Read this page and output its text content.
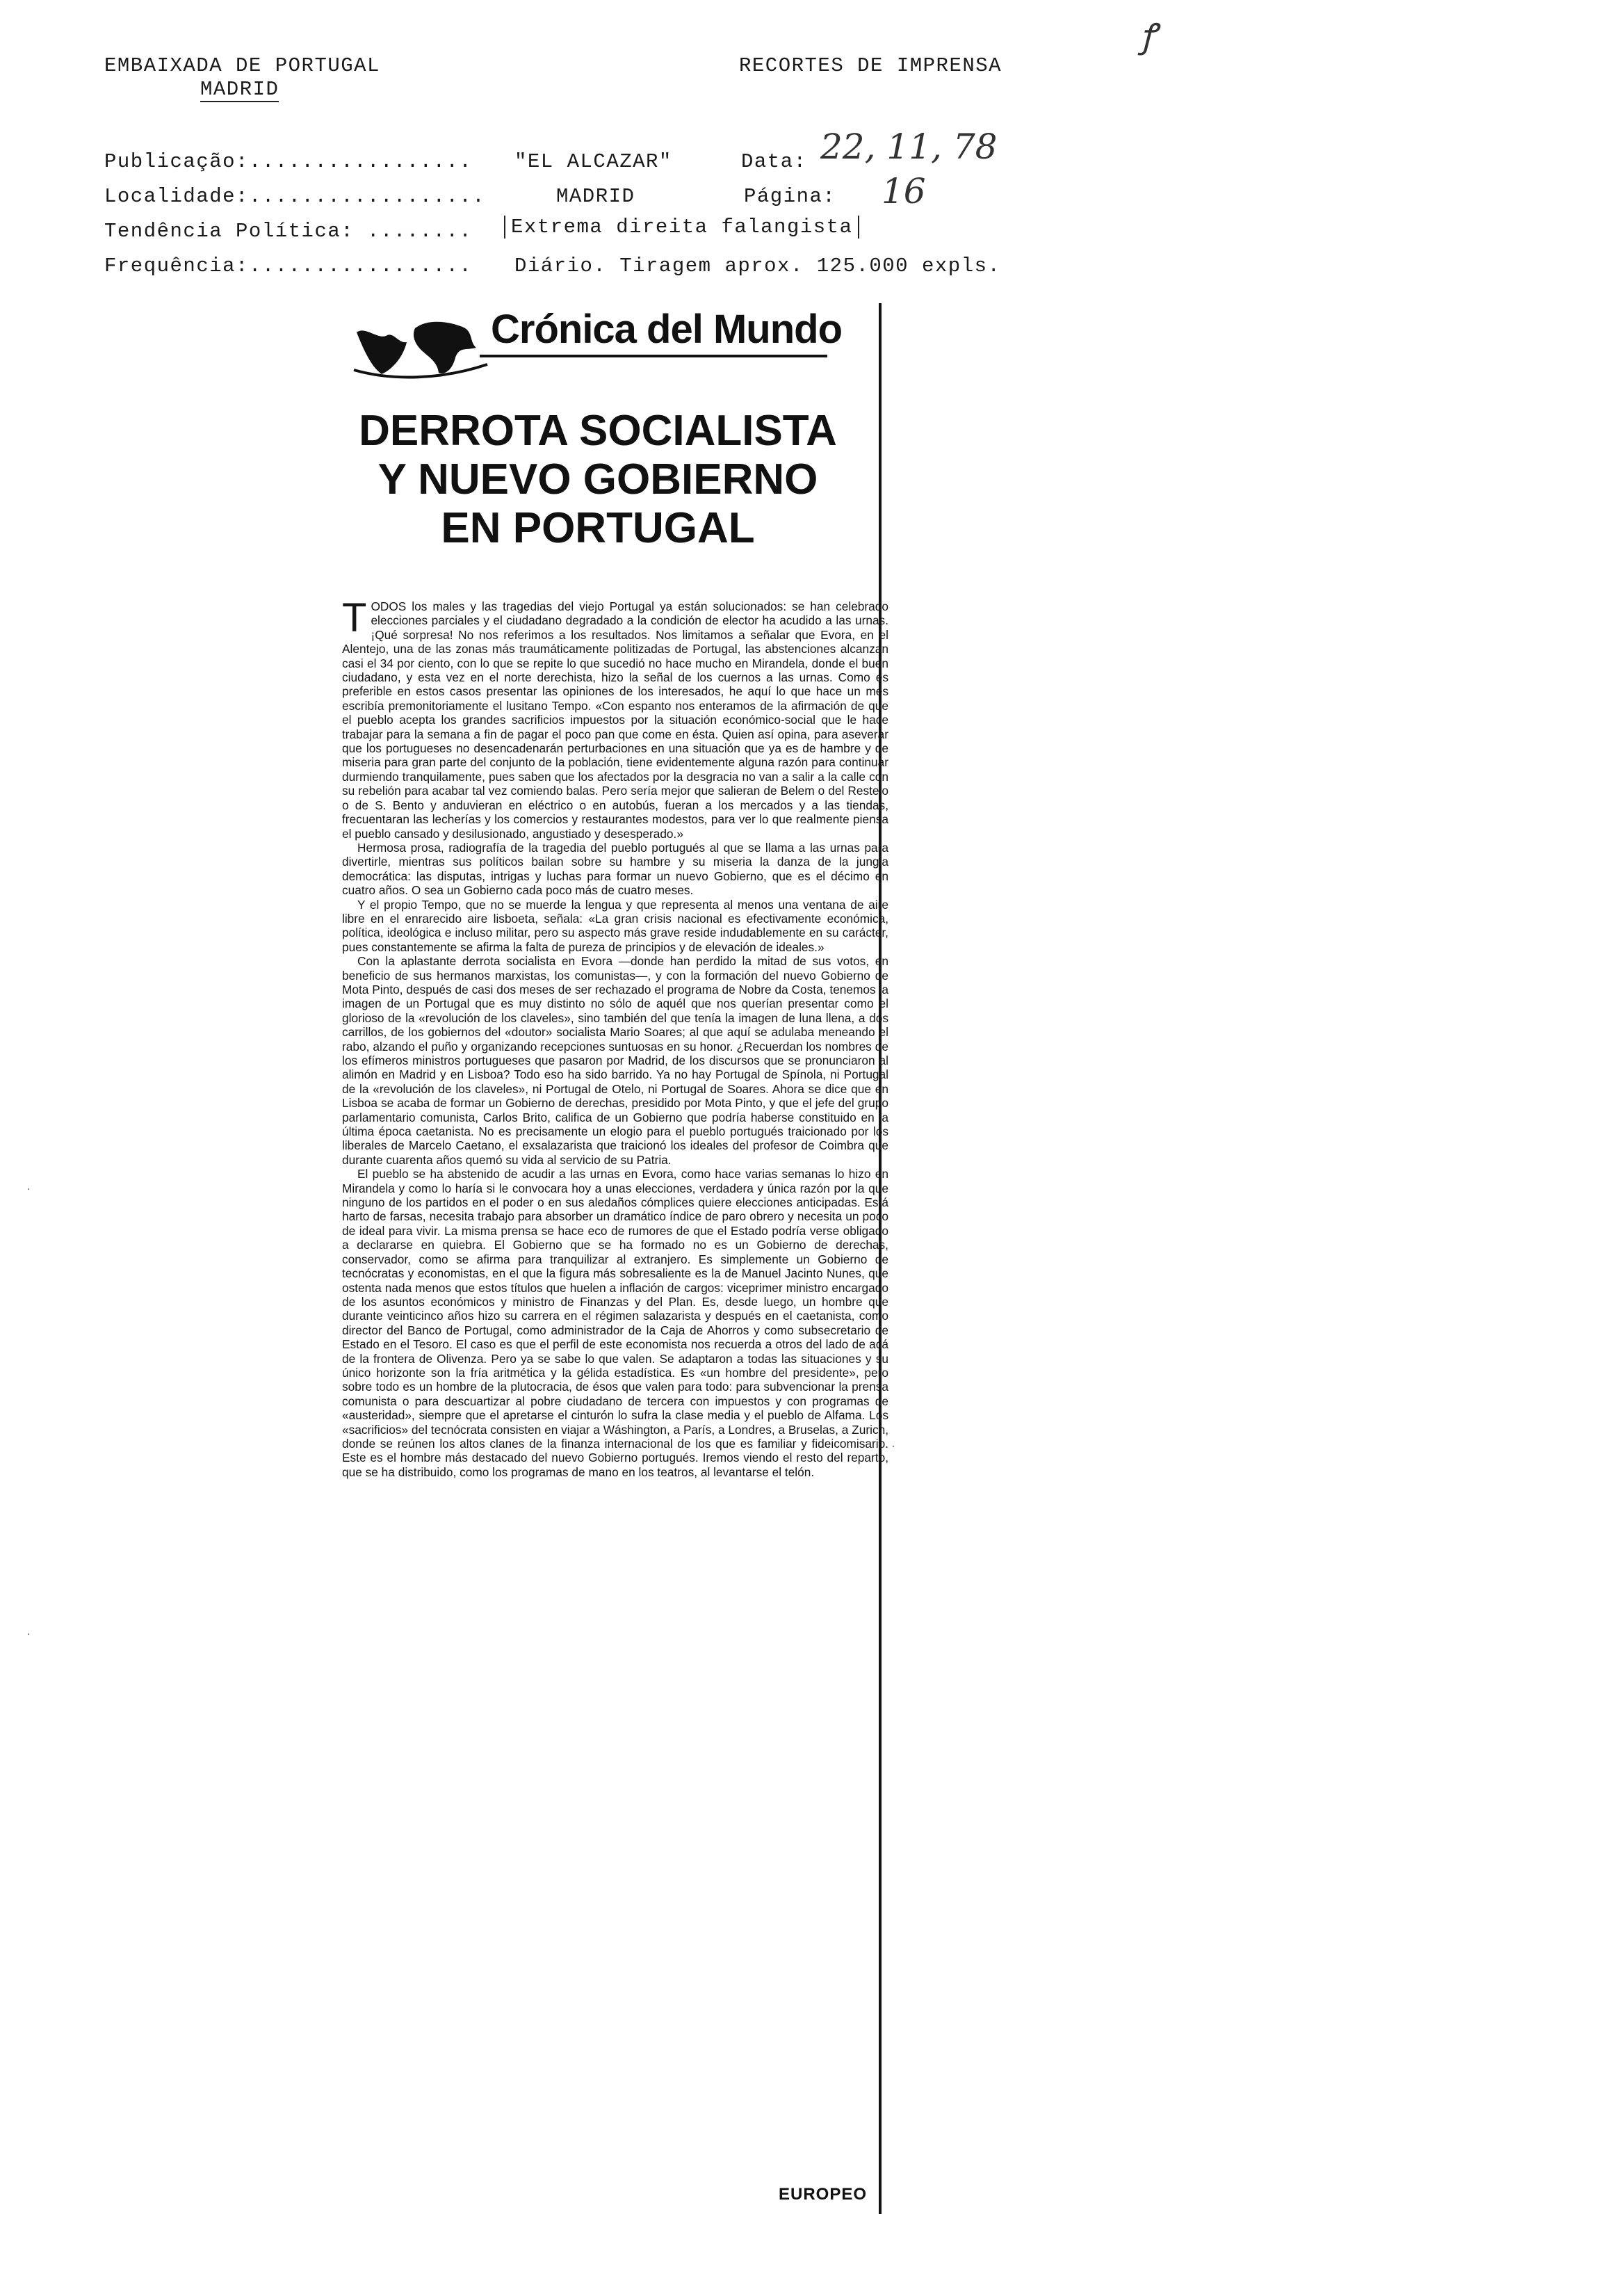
EMBAIXADA DE PORTUGAL
MADRID
RECORTES DE IMPRENSA
ꝭ
Publicação:................. "EL ALCAZAR"	Data: 22, 11, 78
Localidade:..................	MADRID	Página: 16
Tendência Política: ........	Extrema direita falangista
Frequência:................. Diário. Tiragem aprox. 125.000 expls.
Crónica del Mundo
DERROTA SOCIALISTA
Y NUEVO GOBIERNO
EN PORTUGAL

TODOS los males y las tragedias del viejo Portugal ya están solucionados: se han celebrado elecciones parciales y el ciudadano degradado a la condición de elector ha acudido a las urnas. ¡Qué sorpresa! No nos referimos a los resultados. Nos limitamos a señalar que Evora, en el Alentejo, una de las zonas más traumáticamente politizadas de Portugal, las abstenciones alcanzan casi el 34 por ciento, con lo que se repite lo que sucedió no hace mucho en Mirandela, donde el buen ciudadano, y esta vez en el norte derechista, hizo la señal de los cuernos a las urnas. Como es preferible en estos casos presentar las opiniones de los interesados, he aquí lo que hace un mes escribía premonitoriamente el lusitano Tempo. «Con espanto nos enteramos de la afirmación de que el pueblo acepta los grandes sacrificios impuestos por la situación económico-social que le hace trabajar para la semana a fin de pagar el poco pan que come en ésta. Quien así opina, para aseverar que los portugueses no desencadenarán perturbaciones en una situación que ya es de hambre y de miseria para gran parte del conjunto de la población, tiene evidentemente alguna razón para continuar durmiendo tranquilamente, pues saben que los afectados por la desgracia no van a salir a la calle con su rebelión para acabar tal vez comiendo balas. Pero sería mejor que salieran de Belem o del Restelo o de S. Bento y anduvieran en eléctrico o en autobús, fueran a los mercados y a las tiendas, frecuentaran las lecherías y los comercios y restaurantes modestos, para ver lo que realmente piensa el pueblo cansado y desilusionado, angustiado y desesperado.»

Hermosa prosa, radiografía de la tragedia del pueblo portugués al que se llama a las urnas para divertirle, mientras sus políticos bailan sobre su hambre y su miseria la danza de la jungla democrática: las disputas, intrigas y luchas para formar un nuevo Gobierno, que es el décimo en cuatro años. O sea un Gobierno cada poco más de cuatro meses.

Y el propio Tempo, que no se muerde la lengua y que representa al menos una ventana de aire libre en el enrarecido aire lisboeta, señala: «La gran crisis nacional es efectivamente económica, política, ideológica e incluso militar, pero su aspecto más grave reside indudablemente en su carácter, pues constantemente se afirma la falta de pureza de principios y de elevación de ideales.»

Con la aplastante derrota socialista en Evora —donde han perdido la mitad de sus votos, en beneficio de sus hermanos marxistas, los comunistas—, y con la formación del nuevo Gobierno de Mota Pinto, después de casi dos meses de ser rechazado el programa de Nobre da Costa, tenemos la imagen de un Portugal que es muy distinto no sólo de aquél que nos querían presentar como el glorioso de la «revolución de los claveles», sino también del que tenía la imagen de luna llena, a dos carrillos, de los gobiernos del «doutor» socialista Mario Soares; al que aquí se adulaba meneando el rabo, alzando el puño y organizando recepciones suntuosas en su honor. ¿Recuerdan los nombres de los efímeros ministros portugueses que pasaron por Madrid, de los discursos que se pronunciaron al alimón en Madrid y en Lisboa? Todo eso ha sido barrido. Ya no hay Portugal de Spínola, ni Portugal de la «revolución de los claveles», ni Portugal de Otelo, ni Portugal de Soares. Ahora se dice que en Lisboa se acaba de formar un Gobierno de derechas, presidido por Mota Pinto, y que el jefe del grupo parlamentario comunista, Carlos Brito, califica de un Gobierno que podría haberse constituido en la última época caetanista. No es precisamente un elogio para el pueblo portugués traicionado por los liberales de Marcelo Caetano, el exsalazarista que traicionó los ideales del profesor de Coimbra que durante cuarenta años quemó su vida al servicio de su Patria.

El pueblo se ha abstenido de acudir a las urnas en Evora, como hace varias semanas lo hizo en Mirandela y como lo haría si le convocara hoy a unas elecciones, verdadera y única razón por la que ninguno de los partidos en el poder o en sus aledaños cómplices quiere elecciones anticipadas. Está harto de farsas, necesita trabajo para absorber un dramático índice de paro obrero y necesita un poco de ideal para vivir. La misma prensa se hace eco de rumores de que el Estado podría verse obligado a declararse en quiebra. El Gobierno que se ha formado no es un Gobierno de derechas, conservador, como se afirma para tranquilizar al extranjero. Es simplemente un Gobierno de tecnócratas y economistas, en el que la figura más sobresaliente es la de Manuel Jacinto Nunes, que ostenta nada menos que estos títulos que huelen a inflación de cargos: viceprimer ministro encargado de los asuntos económicos y ministro de Finanzas y del Plan. Es, desde luego, un hombre que durante veinticinco años hizo su carrera en el régimen salazarista y después en el caetanista, como director del Banco de Portugal, como administrador de la Caja de Ahorros y como subsecretario de Estado en el Tesoro. El caso es que el perfil de este economista nos recuerda a otros del lado de acá de la frontera de Olivenza. Pero ya se sabe lo que valen. Se adaptaron a todas las situaciones y su único horizonte son la fría aritmética y la gélida estadística. Es «un hombre del presidente», pero sobre todo es un hombre de la plutocracia, de ésos que valen para todo: para subvencionar la prensa comunista o para descuartizar al pobre ciudadano de tercera con impuestos y con programas de «austeridad», siempre que el apretarse el cinturón lo sufra la clase media y el pueblo de Alfama. Los «sacrificios» del tecnócrata consisten en viajar a Wáshington, a París, a Londres, a Bruselas, a Zurich, donde se reúnen los altos clanes de la finanza internacional de los que es familiar y fideicomisario. Este es el hombre más destacado del nuevo Gobierno portugués. Iremos viendo el resto del reparto, que se ha distribuido, como los programas de mano en los teatros, al levantarse el telón.

EUROPEO
·
·
·
